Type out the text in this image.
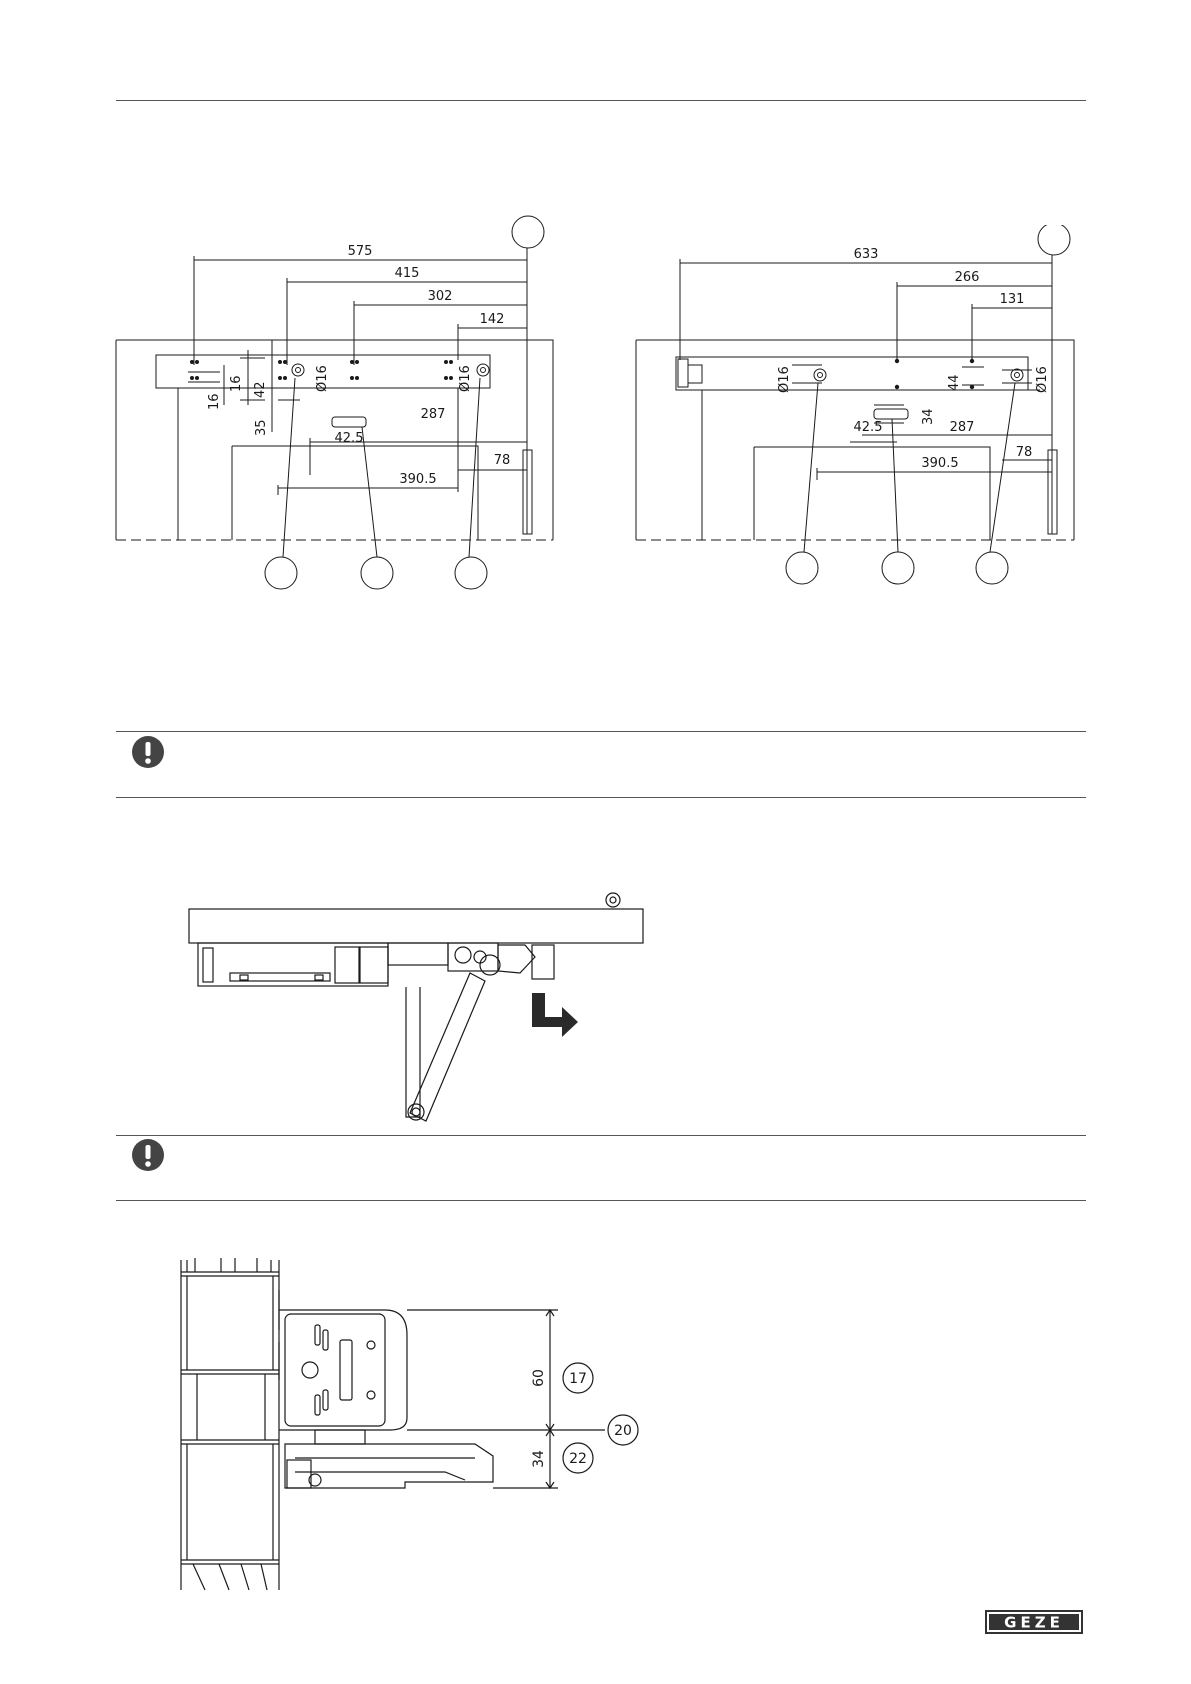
575
415
302
142
16
16 42	Ø16	Ø16
35
42.5
287
78
390.5
633
266
131
Ø16	44	Ø16
34
42.5	287
78
390.5
60
34
17
20
22
GEZE
